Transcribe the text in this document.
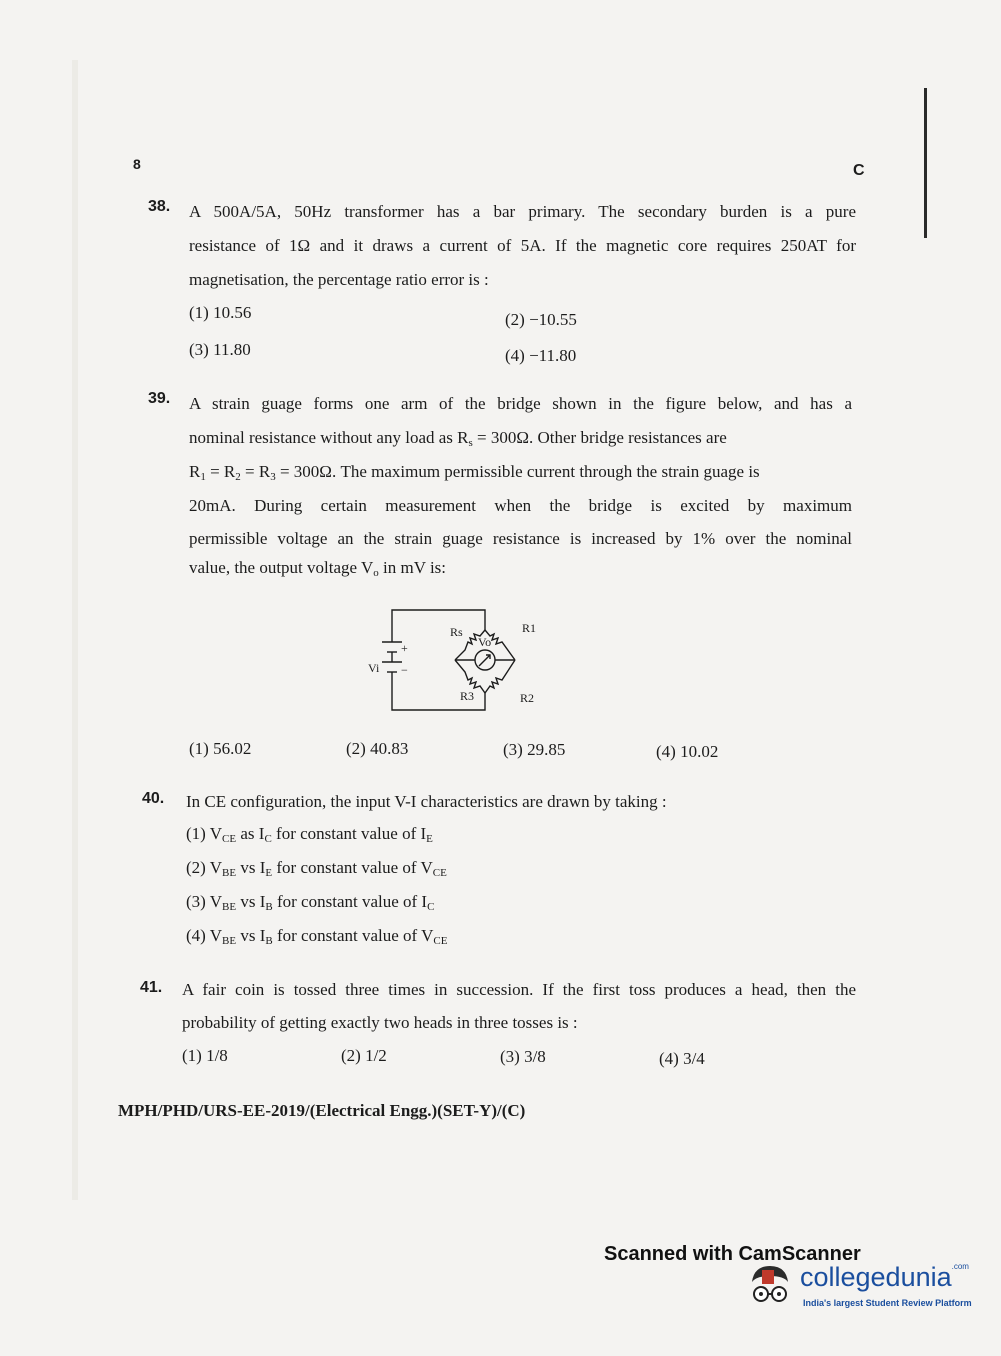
8	C
38. A 500A/5A, 50Hz transformer has a bar primary. The secondary burden is a pure
resistance of 1Ω and it draws a current of 5A. If the magnetic core requires 250AT for
magnetisation, the percentage ratio error is :
(1) 10.56	(2) −10.55
(3) 11.80	(4) −11.80
39. A strain guage forms one arm of the bridge shown in the figure below, and has a
nominal resistance without any load as $R_s = 300\Omega$. Other bridge resistances are
$R_1 = R_2 = R_3 = 300\Omega$. The maximum permissible current through the strain guage is
20mA. During certain measurement when the bridge is excited by maximum
permissible voltage an the strain guage resistance is increased by 1% over the nominal
value, the output voltage $V_o$ in mV is:
Rs	R1
R2
R3
Vo
Vi
+
−
(1) 56.02	(2) 40.83	(3) 29.85	(4) 10.02
40. In CE configuration, the input V-I characteristics are drawn by taking :
(1) $V_{CE}$ as $I_C$ for constant value of $I_E$
(2) $V_{BE}$ vs $I_E$ for constant value of $V_{CE}$
(3) $V_{BE}$ vs $I_B$ for constant value of $I_C$
(4) $V_{BE}$ vs $I_B$ for constant value of $V_{CE}$
41. A fair coin is tossed three times in succession. If the first toss produces a head, then the
probability of getting exactly two heads in three tosses is :
(1) 1/8	(2) 1/2	(3) 3/8	(4) 3/4
MPH/PHD/URS-EE-2019/(Electrical Engg.)(SET-Y)/(C)
Scanned with CamScanner
collegedunia$^{.com}$
India's largest Student Review Platform
